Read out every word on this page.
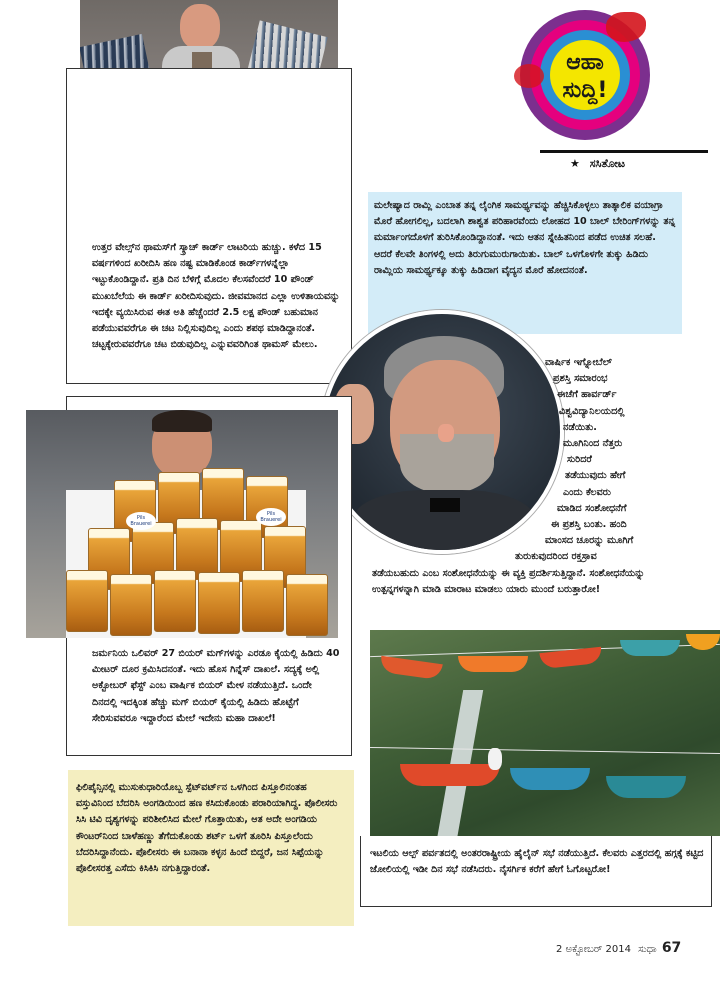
ಆಹಾ
ಸುದ್ದಿ!
★ ಸಸಿತೋಟ
ಉತ್ತರ ವೇಲ್ಸ್‌ನ ಥಾಮಸ್‌ಗೆ ಸ್ಕ್ರಾಚ್ ಕಾರ್ಡ್ ಲಾಟರಿಯ ಹುಚ್ಚು. ಕಳೆದ 15 ವರ್ಷಗಳಿಂದ ಖರೀದಿಸಿ ಹಣ ನಷ್ಟ ಮಾಡಿಕೊಂಡ ಕಾರ್ಡ್‌ಗಳನ್ನೆಲ್ಲಾ ಇಟ್ಟುಕೊಂಡಿದ್ದಾನೆ. ಪ್ರತಿ ದಿನ ಬೆಳಿಗ್ಗೆ ಮೊದಲ ಕೆಲಸವೆಂದರೆ 10 ಪೌಂಡ್ ಮುಖಬೆಲೆಯ ಈ ಕಾರ್ಡ್ ಖರೀದಿಸುವುದು. ಜೀವಮಾನದ ಎಲ್ಲಾ ಉಳಿತಾಯವನ್ನು ಇದಕ್ಕೇ ವ್ಯಯಿಸಿರುವ ಈತ ಅತಿ ಹೆಚ್ಚೆಂದರೆ 2.5 ಲಕ್ಷ ಪೌಂಡ್ ಬಹುಮಾನ ಪಡೆಯುವವರೆಗೂ ಈ ಚಟ ನಿಲ್ಲಿಸುವುದಿಲ್ಲ ಎಂದು ಶಪಥ ಮಾಡಿದ್ದಾನಂತೆ. ಚಟ್ಟಕ್ಕೇರುವವರೆಗೂ ಚಟ ಬಿಡುವುದಿಲ್ಲ ಎನ್ನುವವರಿಗಿಂತ ಥಾಮಸ್ ಮೇಲು.
ಮಲೇಷ್ಯಾದ ರಾಮ್ಲಿ ಎಂಬಾತ ತನ್ನ ಲೈಂಗಿಕ ಸಾಮರ್ಥ್ಯವನ್ನು ಹೆಚ್ಚಿಸಿಕೊಳ್ಳಲು ತಾತ್ಕಾಲಿಕ ವಯಾಗ್ರಾ ಮೊರೆ ಹೋಗಲಿಲ್ಲ, ಬದಲಾಗಿ ಶಾಶ್ವತ ಪರಿಹಾರವೆಂದು ಲೋಹದ 10 ಬಾಲ್ ಬೇರಿಂಗ್‌ಗಳನ್ನು ತನ್ನ ಮರ್ಮಾಂಗದೊಳಗೆ ತುರಿಸಿಕೊಂಡಿದ್ದಾನಂತೆ. ಇದು ಆತನ ಸ್ನೇಹಿತನಿಂದ ಪಡೆದ ಉಚಿತ ಸಲಹೆ. ಆದರೆ ಕೆಲವೇ ತಿಂಗಳಲ್ಲಿ ಅದು ತಿರುಗುಮುರುಗಾಯಿತು. ಬಾಲ್ ಒಳಗೊಳಗೇ ತುಕ್ಕು ಹಿಡಿದು ರಾಮ್ಲಿಯ ಸಾಮರ್ಥ್ಯಕ್ಕೂ ತುಕ್ಕು ಹಿಡಿದಾಗ ವೈದ್ಯನ ಮೊರೆ ಹೋದನಂತೆ.
ವಾರ್ಷಿಕ ಇಗ್ನೋಬೆಲ್
ಪ್ರಶಸ್ತಿ ಸಮಾರಂಭ
ಈಚೆಗೆ ಹಾರ್ವರ್ಡ್
ವಿಶ್ವವಿದ್ಯಾನಿಲಯದಲ್ಲಿ
ನಡೆಯಿತು.
ಮೂಗಿನಿಂದ ನೆತ್ತರು
ಸುರಿದರೆ
ತಡೆಯುವುದು ಹೇಗೆ
ಎಂದು ಕೆಲವರು
ಮಾಡಿದ ಸಂಶೋಧನೆಗೆ
ಈ ಪ್ರಶಸ್ತಿ ಬಂತು. ಹಂದಿ
ಮಾಂಸದ ಚೂರನ್ನು ಮೂಗಿಗೆ
ತುರುಕುವುದರಿಂದ ರಕ್ತಸ್ರಾವ
ತಡೆಯಬಹುದು ಎಂಬ ಸಂಶೋಧನೆಯನ್ನು ಈ ವ್ಯಕ್ತಿ ಪ್ರದರ್ಶಿಸುತ್ತಿದ್ದಾನೆ. ಸಂಶೋಧನೆಯನ್ನು ಉತ್ಪನ್ನಗಳನ್ನಾಗಿ ಮಾಡಿ ಮಾರಾಟ ಮಾಡಲು ಯಾರು ಮುಂದೆ ಬರುತ್ತಾರೋ!
Pils Brauerei
Pils Brauerei
ಜರ್ಮನಿಯ ಒಲಿವರ್ 27 ಬಿಯರ್ ಮಗ್‌ಗಳನ್ನು ಎರಡೂ ಕೈಯಲ್ಲಿ ಹಿಡಿದು 40 ಮೀಟರ್ ದೂರ ಕ್ರಮಿಸಿದನಂತೆ. ಇದು ಹೊಸ ಗಿನ್ನೆಸ್ ದಾಖಲೆ. ಸದ್ಯಕ್ಕೆ ಅಲ್ಲಿ ಅಕ್ಟೋಬರ್ ಫೆಸ್ಟ್ ಎಂಬ ವಾರ್ಷಿಕ ಬಿಯರ್ ಮೇಳ ನಡೆಯುತ್ತಿದೆ. ಒಂದೇ ದಿನದಲ್ಲಿ ಇದಕ್ಕಿಂತ ಹೆಚ್ಚು ಮಗ್ ಬಿಯರ್ ಕೈಯಲ್ಲಿ ಹಿಡಿದು ಹೊಟ್ಟೆಗೆ ಸೇರಿಸುವವರೂ ಇದ್ದಾರೆಂದ ಮೇಲೆ ಇದೇನು ಮಹಾ ದಾಖಲೆ!
ಫಿಲಿಪೈನ್ಸಿನಲ್ಲಿ ಮುಸುಕುಧಾರಿಯೊಬ್ಬ ಸ್ಪೆಟ್‌ವರ್ಟ್‌ನ ಒಳಗಿಂದ ಪಿಸ್ತೂಲಿನಂತಹ ವಸ್ತುವಿನಿಂದ ಬೆದರಿಸಿ ಅಂಗಡಿಯಿಂದ ಹಣ ಕಸಿದುಕೊಂಡು ಪರಾರಿಯಾಗಿದ್ದ. ಪೊಲೀಸರು ಸಿಸಿ ಟಿವಿ ದೃಶ್ಯಗಳನ್ನು ಪರಿಶೀಲಿಸಿದ ಮೇಲೆ ಗೊತ್ತಾಯಿತು, ಆತ ಅದೇ ಅಂಗಡಿಯ ಕೌಂಟರ್‌ನಿಂದ ಬಾಳೆಹಣ್ಣು ತೆಗೆದುಕೊಂಡು ಶರ್ಟ್ ಒಳಗೆ ತೂರಿಸಿ ಪಿಸ್ತೂಲೆಂದು ಬೆದರಿಸಿದ್ದಾನೆಂದು. ಪೊಲೀಸರು ಈ ಬನಾನಾ ಕಳ್ಳನ ಹಿಂದೆ ಬಿದ್ದರೆ, ಜನ ಸಿಪ್ಪೆಯನ್ನು ಪೊಲೀಸರತ್ತ ಎಸೆದು ಕಿಸಿಕಿಸಿ ನಗುತ್ತಿದ್ದಾರಂತೆ.
ಇಟಲಿಯ ಆಲ್ಪ್ ಪರ್ವತದಲ್ಲಿ ಅಂತರರಾಷ್ಟ್ರೀಯ ಹೈಲೈನ್ ಸಭೆ ನಡೆಯುತ್ತಿದೆ. ಕೆಲವರು ಎತ್ತರದಲ್ಲಿ ಹಗ್ಗಕ್ಕೆ ಕಟ್ಟಿದ ಜೋಲಿಯಲ್ಲಿ ಇಡೀ ದಿನ ಸಭೆ ನಡೆಸಿದರು. ನೈಸರ್ಗಿಕ ಕರೆಗೆ ಹೇಗೆ ಓಗೊಟ್ಟರೋ!
2 ಅಕ್ಟೋಬರ್ 2014 ಸುಧಾ 67
